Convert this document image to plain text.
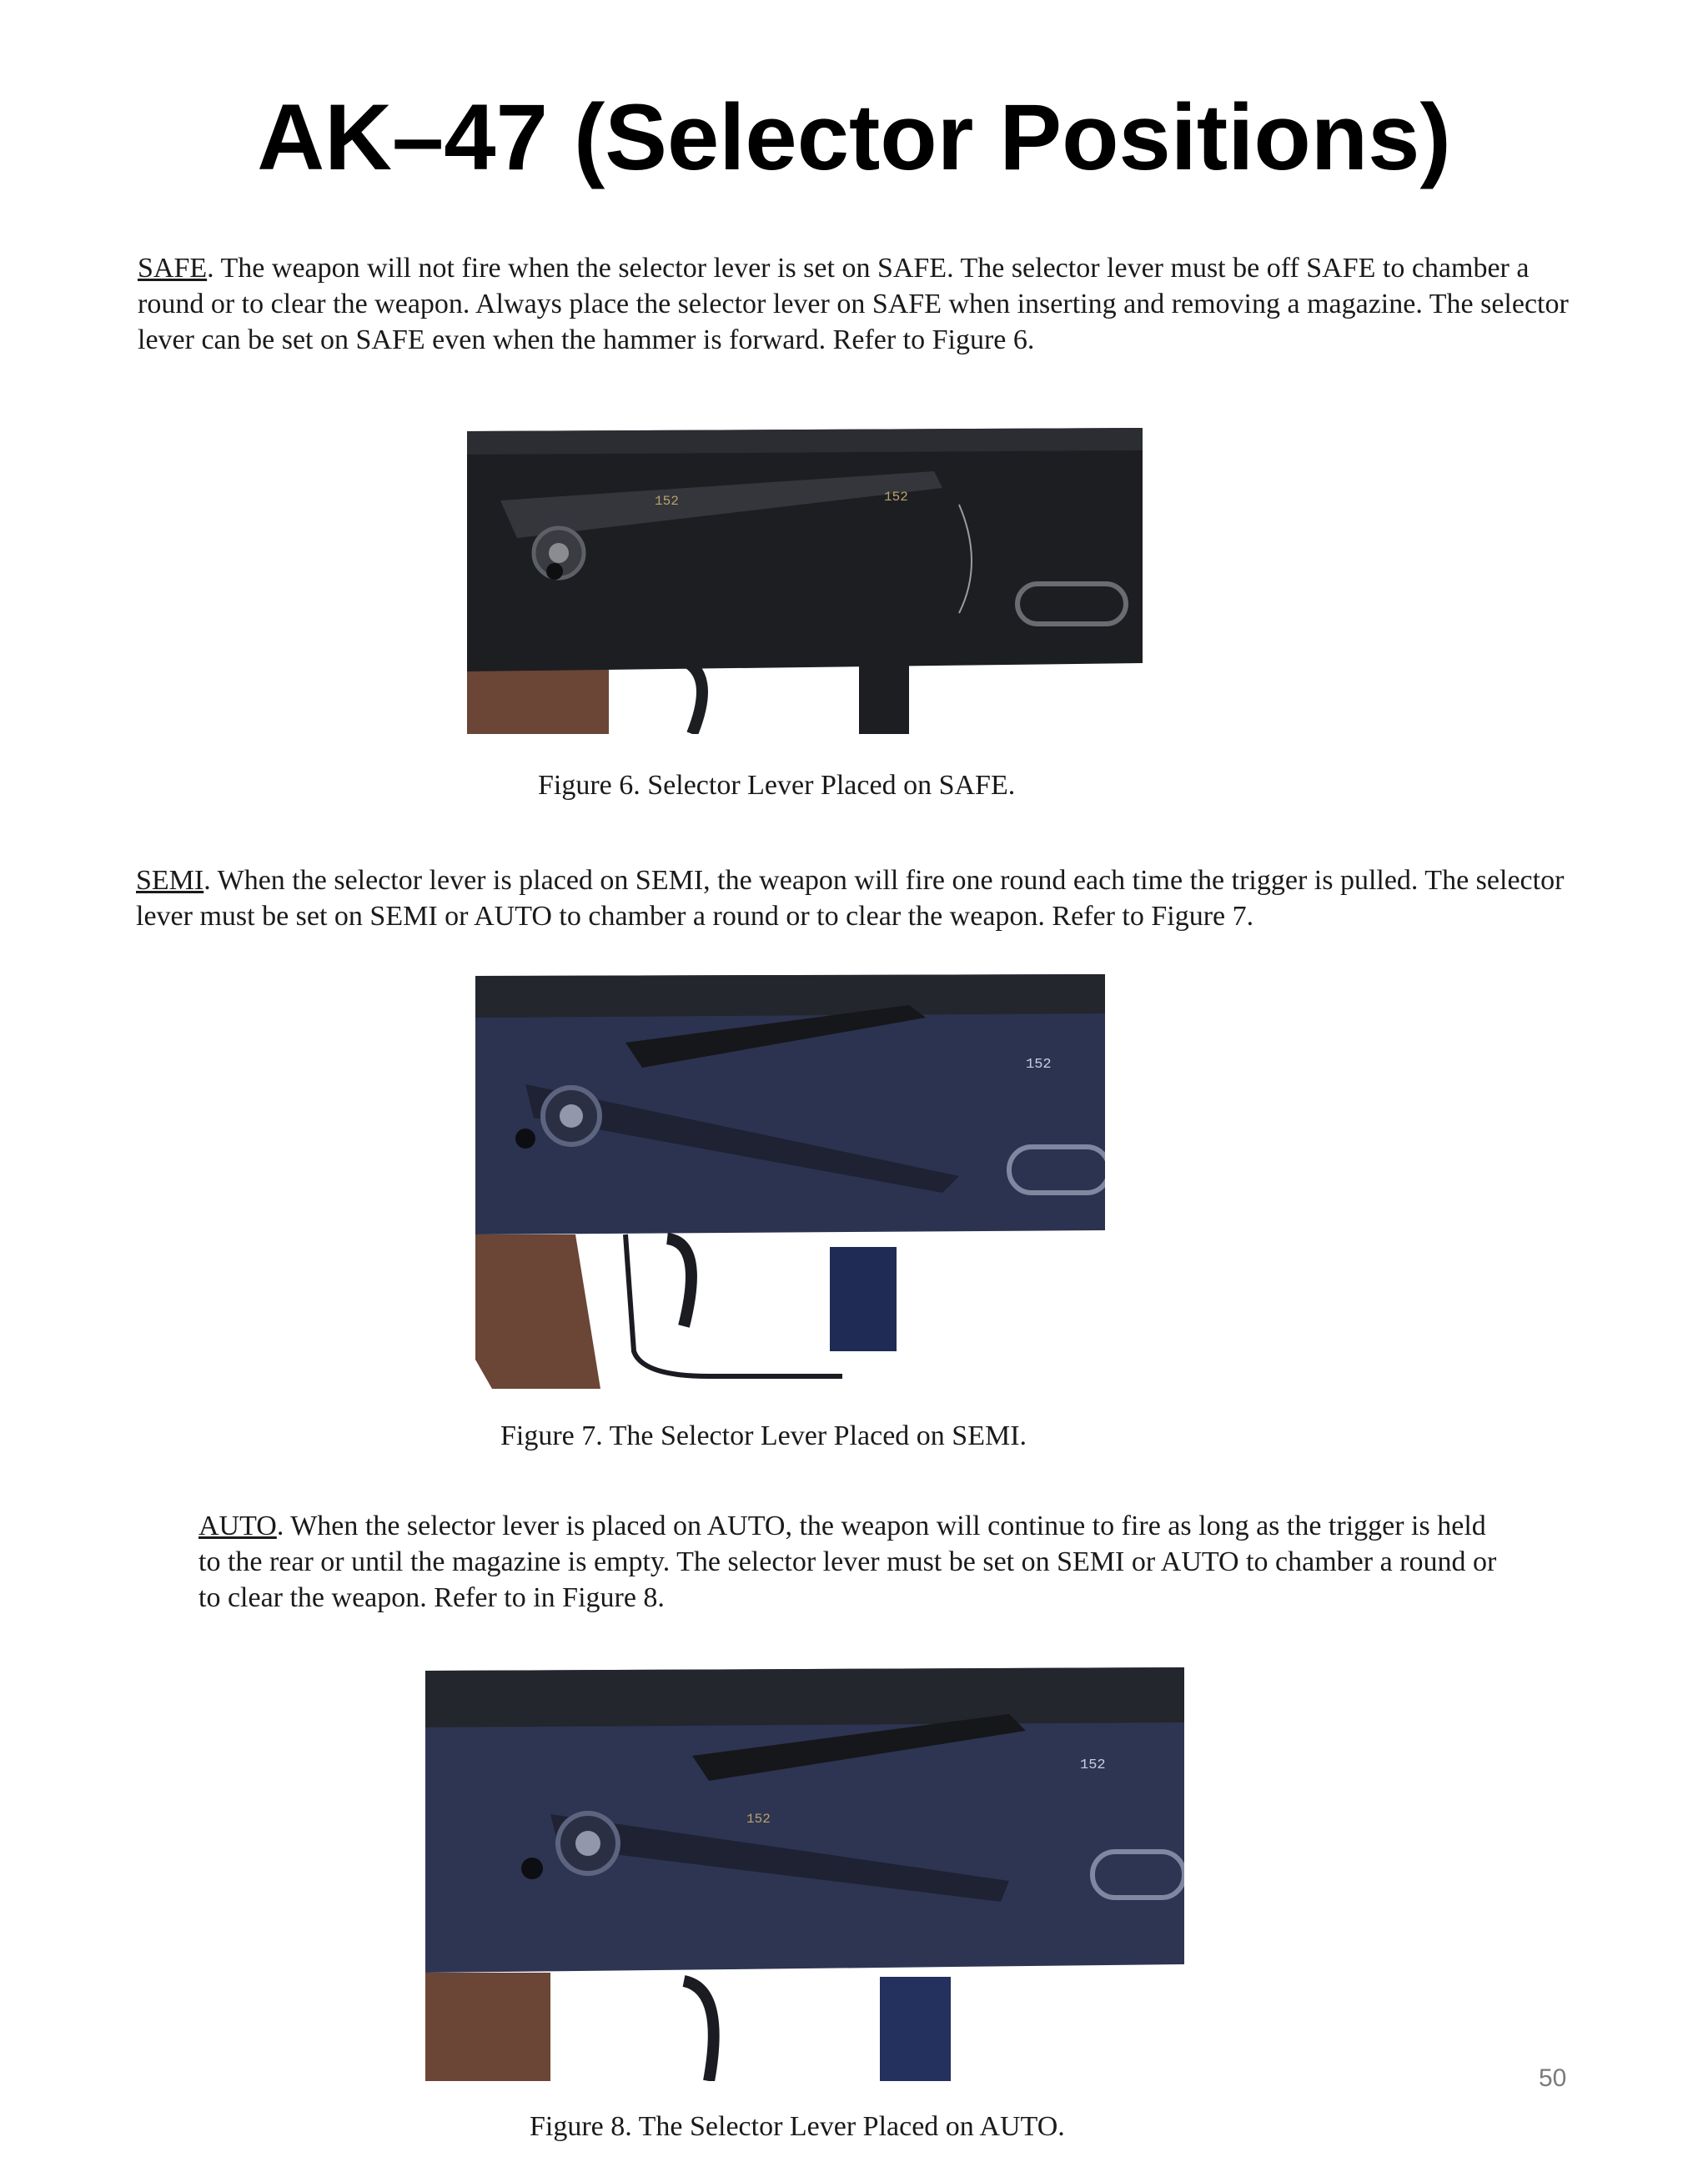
AK–47 (Selector Positions)

SAFE. The weapon will not fire when the selector lever is set on SAFE. The selector lever must be off SAFE to chamber a round or to clear the weapon. Always place the selector lever on SAFE when inserting and removing a magazine. The selector lever can be set on SAFE even when the hammer is forward. Refer to Figure 6.

152	152

Figure 6. Selector Lever Placed on SAFE.

SEMI. When the selector lever is placed on SEMI, the weapon will fire one round each time the trigger is pulled. The selector lever must be set on SEMI or AUTO to chamber a round or to clear the weapon. Refer to Figure 7.

152

Figure 7. The Selector Lever Placed on SEMI.

AUTO. When the selector lever is placed on AUTO, the weapon will continue to fire as long as the trigger is held to the rear or until the magazine is empty. The selector lever must be set on SEMI or AUTO to chamber a round or to clear the weapon. Refer to in Figure 8.

152
152

Figure 8. The Selector Lever Placed on AUTO.

50
